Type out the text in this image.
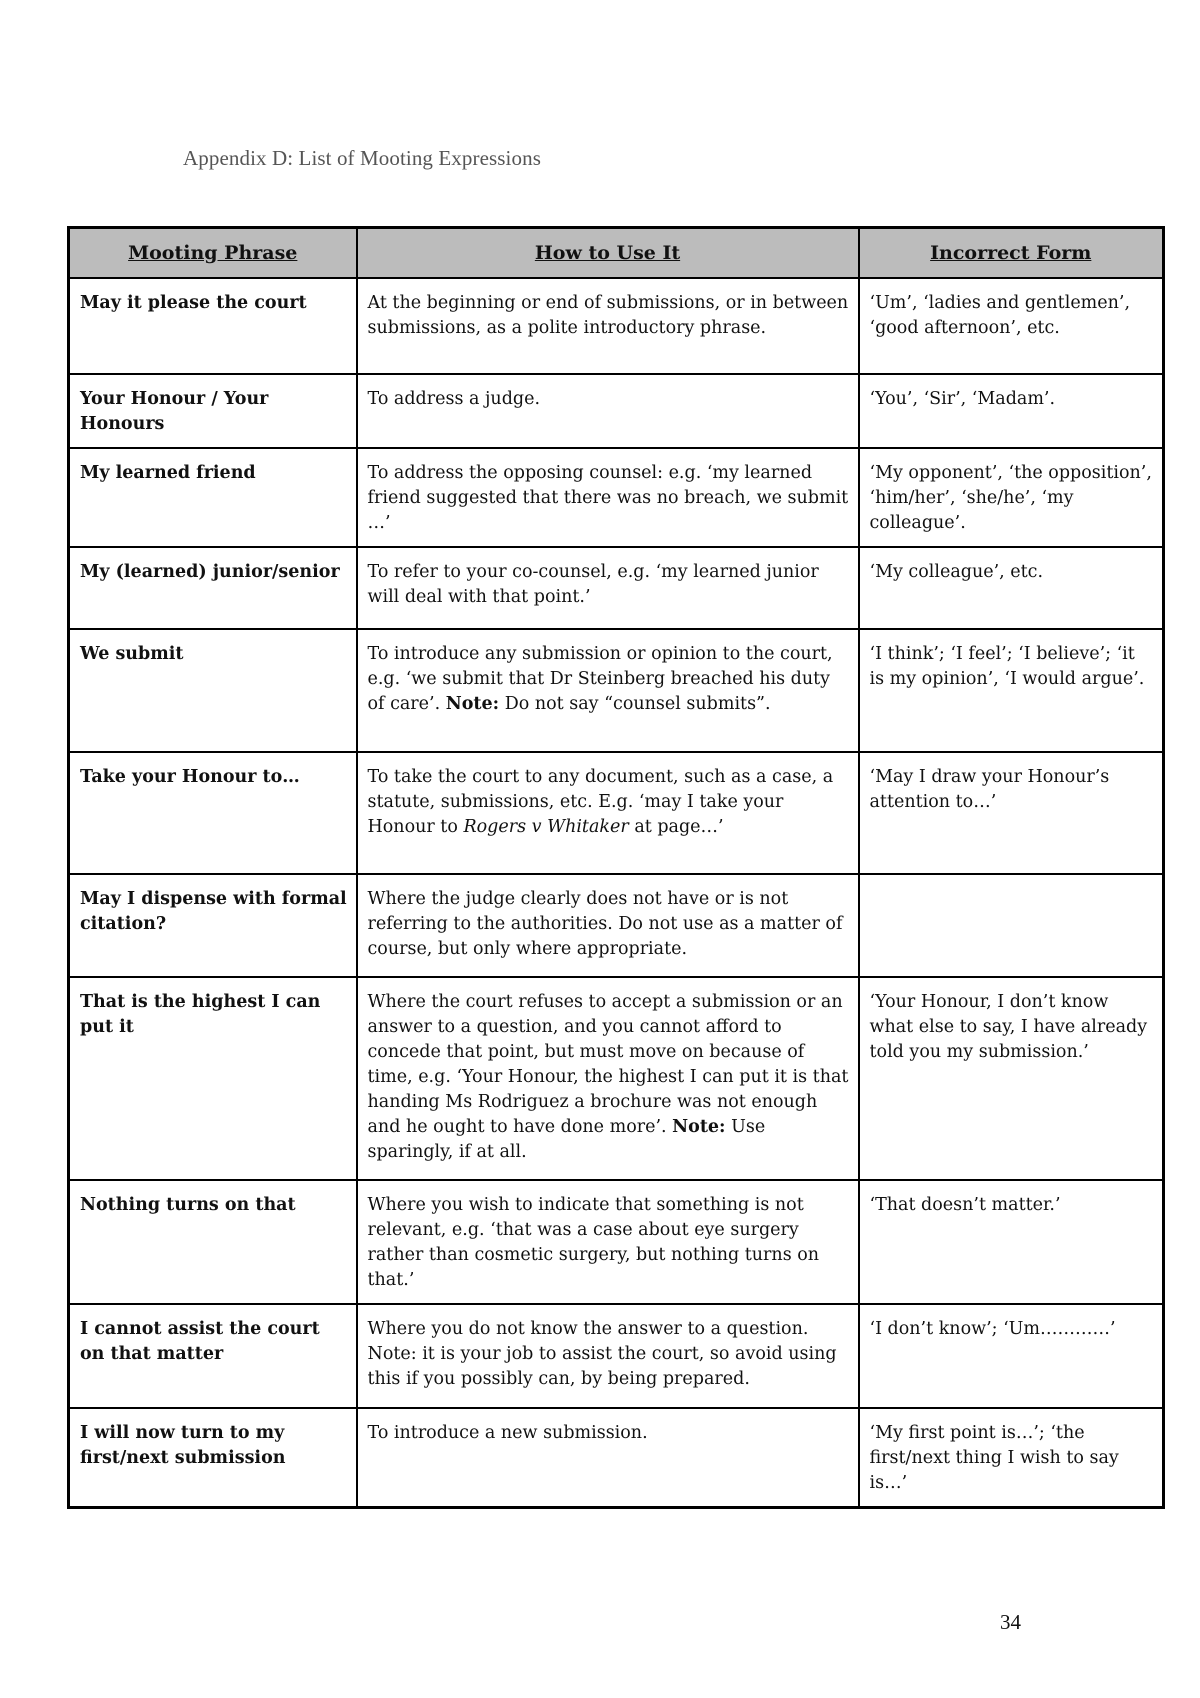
Appendix D: List of Mooting Expressions
Mooting Phrase	How to Use It	Incorrect Form
May it please the court	At the beginning or end of submissions, or in between submissions, as a polite introductory phrase.	‘Um’, ‘ladies and gentlemen’, ‘good afternoon’, etc.
Your Honour / Your Honours	To address a judge.	‘You’, ‘Sir’, ‘Madam’.
My learned friend	To address the opposing counsel: e.g. ‘my learned friend suggested that there was no breach, we submit …’	‘My opponent’, ‘the opposition’, ‘him/her’, ‘she/he’, ‘my colleague’.
My (learned) junior/senior	To refer to your co-counsel, e.g. ‘my learned junior will deal with that point.’	‘My colleague’, etc.
We submit	To introduce any submission or opinion to the court, e.g. ‘we submit that Dr Steinberg breached his duty of care’. Note: Do not say “counsel submits”.	‘I think’; ‘I feel’; ‘I believe’; ‘it is my opinion’, ‘I would argue’.
Take your Honour to…	To take the court to any document, such as a case, a statute, submissions, etc. E.g. ‘may I take your Honour to Rogers v Whitaker at page…’	‘May I draw your Honour’s attention to…’
May I dispense with formal citation?	Where the judge clearly does not have or is not referring to the authorities. Do not use as a matter of course, but only where appropriate.	
That is the highest I can put it	Where the court refuses to accept a submission or an answer to a question, and you cannot afford to concede that point, but must move on because of time, e.g. ‘Your Honour, the highest I can put it is that handing Ms Rodriguez a brochure was not enough and he ought to have done more’. Note: Use sparingly, if at all.	‘Your Honour, I don’t know what else to say, I have already told you my submission.’
Nothing turns on that	Where you wish to indicate that something is not relevant, e.g. ‘that was a case about eye surgery rather than cosmetic surgery, but nothing turns on that.’	‘That doesn’t matter.’
I cannot assist the court on that matter	Where you do not know the answer to a question. Note: it is your job to assist the court, so avoid using this if you possibly can, by being prepared.	‘I don’t know’; ‘Um…………’
I will now turn to my first/next submission	To introduce a new submission.	‘My first point is…’; ‘the first/next thing I wish to say is…’
34
